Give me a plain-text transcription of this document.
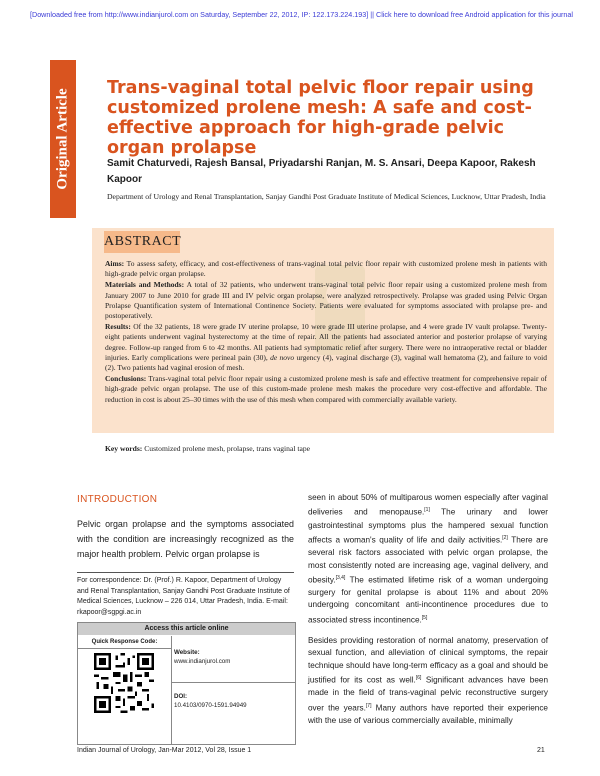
[Downloaded free from http://www.indianjurol.com on Saturday, September 22, 2012, IP: 122.173.224.193] || Click here to download free Android application for this journal
Original Article
Trans-vaginal total pelvic floor repair using customized prolene mesh: A safe and cost-effective approach for high-grade pelvic organ prolapse
Samit Chaturvedi, Rajesh Bansal, Priyadarshi Ranjan, M. S. Ansari, Deepa Kapoor, Rakesh Kapoor
Department of Urology and Renal Transplantation, Sanjay Gandhi Post Graduate Institute of Medical Sciences, Lucknow, Uttar Pradesh, India
ABSTRACT

Aims: To assess safety, efficacy, and cost-effectiveness of trans-vaginal total pelvic floor repair with customized prolene mesh in patients with high-grade pelvic organ prolapse.

Materials and Methods: A total of 32 patients, who underwent trans-vaginal total pelvic floor repair using a customized prolene mesh from January 2007 to June 2010 for grade III and IV pelvic organ prolapse, were analyzed retrospectively. Prolapse was graded using Pelvic Organ Prolapse Quantification system of International Continence Society. Patients were evaluated for symptoms associated with prolapse pre- and postoperatively.

Results: Of the 32 patients, 18 were grade IV uterine prolapse, 10 were grade III uterine prolapse, and 4 were grade IV vault prolapse. Twenty-eight patients underwent vaginal hysterectomy at the time of repair. All the patients had associated anterior and posterior prolapse of varying degree. Follow-up ranged from 6 to 42 months. All patients had symptomatic relief after surgery. There were no intraoperative rectal or bladder injuries. Early complications were perineal pain (30), de novo urgency (4), vaginal discharge (3), vaginal wall hematoma (2), and failure to void (2). Two patients had vaginal erosion of mesh.

Conclusions: Trans-vaginal total pelvic floor repair using a customized prolene mesh is safe and effective treatment for comprehensive repair of high-grade pelvic organ prolapse. The use of this custom-made prolene mesh makes the procedure very cost-effective and affordable. The reduction in cost is about 25–30 times with the use of this mesh when compared with commercially available variety.

Key words: Customized prolene mesh, prolapse, trans vaginal tape
INTRODUCTION
Pelvic organ prolapse and the symptoms associated with the condition are increasingly recognized as the major health problem. Pelvic organ prolapse is
For correspondence: Dr. (Prof.) R. Kapoor, Department of Urology and Renal Transplantation, Sanjay Gandhi Post Graduate Institute of Medical Sciences, Lucknow – 226 014, Uttar Pradesh, India. E-mail: rkapoor@sgpgi.ac.in
Access this article online
Quick Response Code:
Website:
www.indianjurol.com
DOI:
10.4103/0970-1591.94949

seen in about 50% of multiparous women especially after vaginal deliveries and menopause.[1] The urinary and lower gastrointestinal symptoms plus the hampered sexual function affects a woman's quality of life and daily activities.[2] There are several risk factors associated with pelvic organ prolapse, the most consistently noted are increasing age, vaginal delivery, and obesity.[3,4] The estimated lifetime risk of a woman undergoing surgery for genital prolapse is about 11% and about 20% undergoing concomitant anti-incontinence procedures due to associated stress incontinence.[5]

Besides providing restoration of normal anatomy, preservation of sexual function, and alleviation of clinical symptoms, the repair technique should have long-term efficacy as a goal and should be justified for its cost as well.[6] Significant advances have been made in the field of trans-vaginal pelvic reconstructive surgery over the years.[7] Many authors have reported their experience with the use of various commercially available, minimally

Indian Journal of Urology, Jan-Mar 2012, Vol 28, Issue 1	21
